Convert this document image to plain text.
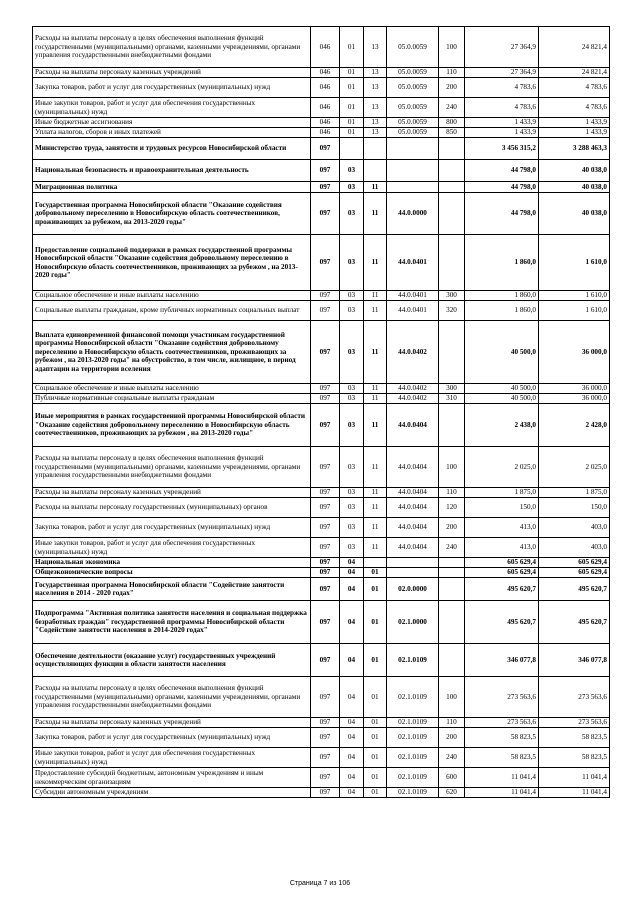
Расходы на выплаты персоналу в целях обеспечения выполнения функций государственными (муниципальными) органами, казенными учреждениями, органами управления государственными внебюджетными фондами	046	01	13	05.0.0059	100	27 364,9	24 821,4
Расходы на выплаты персоналу казенных учреждений	046	01	13	05.0.0059	110	27 364,9	24 821,4
Закупка товаров, работ и услуг для государственных (муниципальных) нужд	046	01	13	05.0.0059	200	4 783,6	4 783,6
Иные закупки товаров, работ и услуг для обеспечения государственных (муниципальных) нужд	046	01	13	05.0.0059	240	4 783,6	4 783,6
Иные бюджетные ассигнования	046	01	13	05.0.0059	800	1 433,9	1 433,9
Уплата налогов, сборов и иных платежей	046	01	13	05.0.0059	850	1 433,9	1 433,9
Министерство труда, занятости и трудовых ресурсов Новосибирской области	097					3 456 315,2	3 288 463,3
Национальная безопасность и правоохранительная деятельность	097	03				44 798,0	40 038,0
Миграционная политика	097	03	11			44 798,0	40 038,0
Государственная программа Новосибирской области "Оказание содействия добровольному переселению в Новосибирскую область соотечественников, проживающих за рубежом, на 2013-2020 годы"	097	03	11	44.0.0000		44 798,0	40 038,0
Предоставление социальной поддержки в рамках государственной программы Новосибирской области "Оказание содействия добровольному переселению в Новосибирскую область соотечественников, проживающих за рубежом , на 2013-2020 годы"	097	03	11	44.0.0401		1 860,0	1 610,0
Социальное обеспечение и иные выплаты населению	097	03	11	44.0.0401	300	1 860,0	1 610,0
Социальные выплаты гражданам, кроме публичных нормативных социальных выплат	097	03	11	44.0.0401	320	1 860,0	1 610,0
Выплата единовременной финансовой помощи участникам государственной программы Новосибирской области "Оказание содействия добровольному переселению в Новосибирскую область соотечественников, проживающих за рубежом , на 2013-2020 годы" на обустройство, в том числе, жилищное, в период адаптации на территории вселения	097	03	11	44.0.0402		40 500,0	36 000,0
Социальное обеспечение и иные выплаты населению	097	03	11	44.0.0402	300	40 500,0	36 000,0
Публичные нормативные социальные выплаты гражданам	097	03	11	44.0.0402	310	40 500,0	36 000,0
Иные мероприятия в рамках государственной программы Новосибирской области "Оказание содействия добровольному переселению в Новосибирскую область соотечественников, проживающих за рубежом , на 2013-2020 годы"	097	03	11	44.0.0404		2 438,0	2 428,0
Расходы на выплаты персоналу в целях обеспечения выполнения функций государственными (муниципальными) органами, казенными учреждениями, органами управления государственными внебюджетными фондами	097	03	11	44.0.0404	100	2 025,0	2 025,0
Расходы на выплаты персоналу казенных учреждений	097	03	11	44.0.0404	110	1 875,0	1 875,0
Расходы на выплаты персоналу государственных (муниципальных) органов	097	03	11	44.0.0404	120	150,0	150,0
Закупка товаров, работ и услуг для государственных (муниципальных) нужд	097	03	11	44.0.0404	200	413,0	403,0
Иные закупки товаров, работ и услуг для обеспечения государственных (муниципальных) нужд	097	03	11	44.0.0404	240	413,0	403,0
Национальная экономика	097	04				605 629,4	605 629,4
Общеэкономические вопросы	097	04	01			605 629,4	605 629,4
Государственная программа Новосибирской области "Содействие занятости населения в 2014 - 2020 годах"	097	04	01	02.0.0000		495 620,7	495 620,7
Подпрограмма "Активная политика занятости населения и социальная поддержка безработных граждан" государственной программы Новосибирской области "Содействие занятости населения в 2014-2020 годах"	097	04	01	02.1.0000		495 620,7	495 620,7
Обеспечение деятельности (оказание услуг) государственных учреждений осуществляющих функции в области занятости населения	097	04	01	02.1.0109		346 077,8	346 077,8
Расходы на выплаты персоналу в целях обеспечения выполнения функций государственными (муниципальными) органами, казенными учреждениями, органами управления государственными внебюджетными фондами	097	04	01	02.1.0109	100	273 563,6	273 563,6
Расходы на выплаты персоналу казенных учреждений	097	04	01	02.1.0109	110	273 563,6	273 563,6
Закупка товаров, работ и услуг для государственных (муниципальных) нужд	097	04	01	02.1.0109	200	58 823,5	58 823,5
Иные закупки товаров, работ и услуг для обеспечения государственных (муниципальных) нужд	097	04	01	02.1.0109	240	58 823,5	58 823,5
Предоставление субсидий бюджетным, автономным учреждениям и иным некоммерческим организациям	097	04	01	02.1.0109	600	11 041,4	11 041,4
Субсидии автономным учреждениям	097	04	01	02.1.0109	620	11 041,4	11 041,4
Страница 7 из 106
